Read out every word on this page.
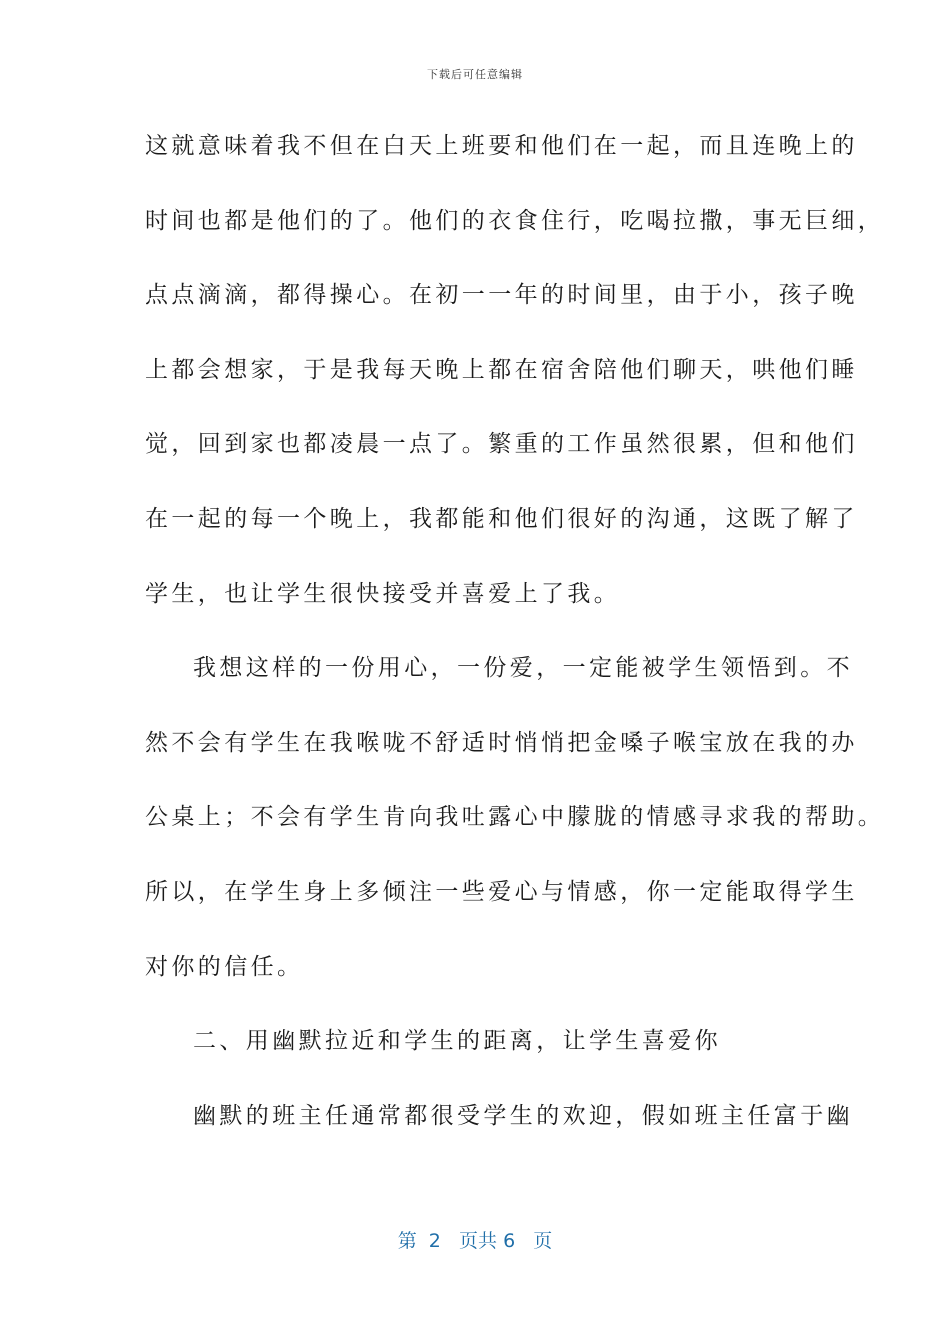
下载后可任意编辑
这就意味着我不但在白天上班要和他们在一起，而且连晚上的
时间也都是他们的了。他们的衣食住行，吃喝拉撒，事无巨细，
点点滴滴，都得操心。在初一一年的时间里，由于小，孩子晚
上都会想家，于是我每天晚上都在宿舍陪他们聊天，哄他们睡
觉，回到家也都凌晨一点了。繁重的工作虽然很累，但和他们
在一起的每一个晚上，我都能和他们很好的沟通，这既了解了
学生，也让学生很快接受并喜爱上了我。
我想这样的一份用心，一份爱，一定能被学生领悟到。不
然不会有学生在我喉咙不舒适时悄悄把金嗓子喉宝放在我的办
公桌上；不会有学生肯向我吐露心中朦胧的情感寻求我的帮助。
所以，在学生身上多倾注一些爱心与情感，你一定能取得学生
对你的信任。
二、用幽默拉近和学生的距离，让学生喜爱你
幽默的班主任通常都很受学生的欢迎，假如班主任富于幽
第 2 页共 6 页
